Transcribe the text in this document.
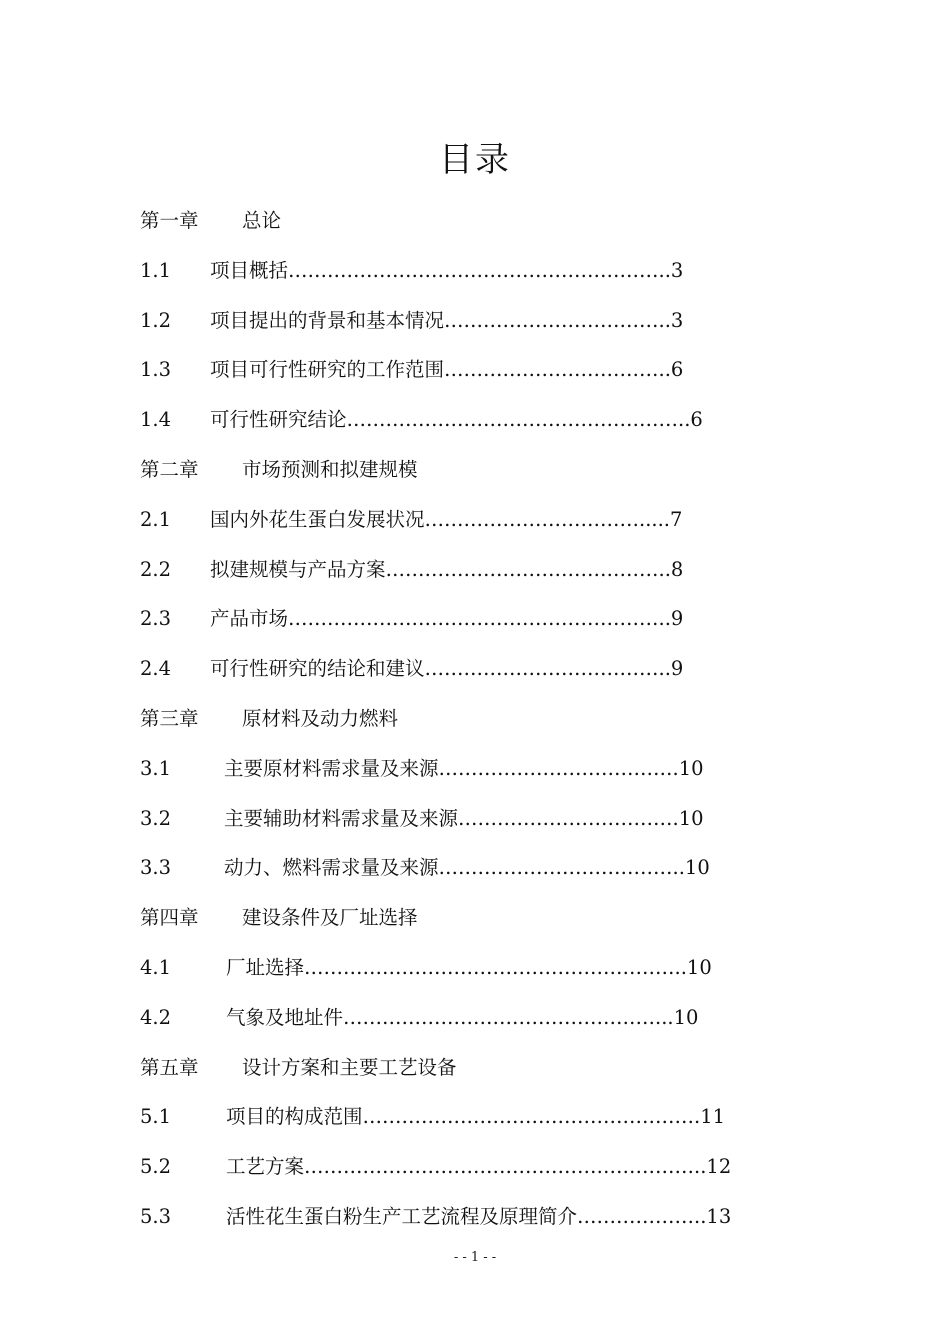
目录
第一章 总论
1.1 项目概括…………………………………………………..3
1.2 项目提出的背景和基本情况……………………………..3
1.3 项目可行性研究的工作范围……………………………..6
1.4 可行性研究结论……………………………………………..6
第二章 市场预测和拟建规模
2.1 国内外花生蛋白发展状况…………………………….....7
2.2 拟建规模与产品方案……………………………………..8
2.3 产品市场…………………………………………………..9
2.4 可行性研究的结论和建议………………………………..9
第三章 原材料及动力燃料
3.1	主要原材料需求量及来源……………………………….10
3.2	主要辅助材料需求量及来源…………………………….10
3.3	动力、燃料需求量及来源………………………………..10
第四章 建设条件及厂址选择
4.1	厂址选择…………………………………………………..10
4.2	气象及地址件…………………………………………...10
第五章 设计方案和主要工艺设备
5.1	项目的构成范围…………………………………………….11
5.2	工艺方案……………………………………………………..12
5.3	活性花生蛋白粉生产工艺流程及原理简介………………..13
- - 1 - -
